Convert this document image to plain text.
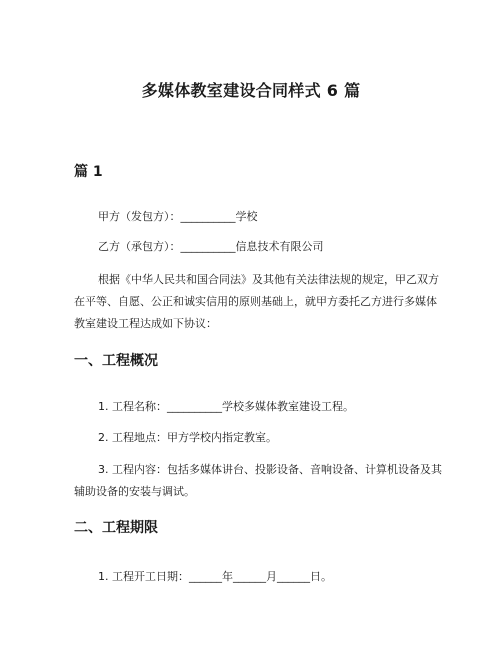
多媒体教室建设合同样式 6 篇
篇 1
甲方（发包方）：__________学校
乙方（承包方）：__________信息技术有限公司
根据《中华人民共和国合同法》及其他有关法律法规的规定，甲乙双方在平等、自愿、公正和诚实信用的原则基础上，就甲方委托乙方进行多媒体教室建设工程达成如下协议：
一、工程概况
1. 工程名称：__________学校多媒体教室建设工程。
2. 工程地点：甲方学校内指定教室。
3. 工程内容：包括多媒体讲台、投影设备、音响设备、计算机设备及其辅助设备的安装与调试。
二、工程期限
1. 工程开工日期：______年______月______日。
